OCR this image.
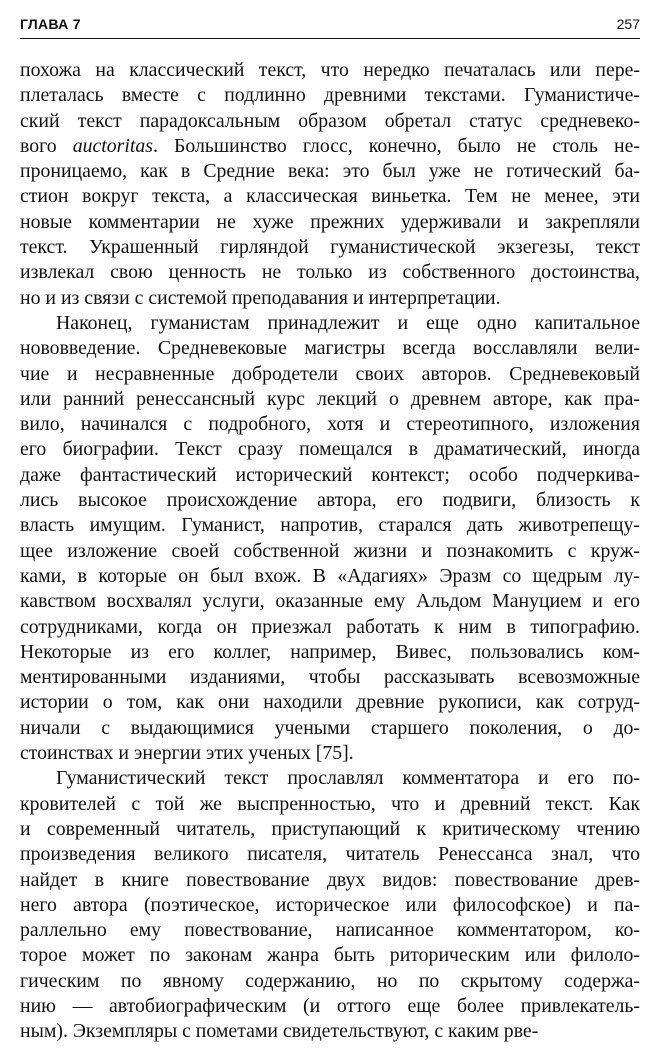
ГЛАВА 7	257
похожа на классический текст, что нередко печаталась или пере-
плеталась вместе с подлинно древними текстами. Гуманистиче-
ский текст парадоксальным образом обретал статус средневеко-
вого auctoritas. Большинство глосс, конечно, было не столь не-
проницаемо, как в Средние века: это был уже не готический ба-
стион вокруг текста, а классическая виньетка. Тем не менее, эти
новые комментарии не хуже прежних удерживали и закрепляли
текст. Украшенный гирляндой гуманистической экзегезы, текст
извлекал свою ценность не только из собственного достоинства,
но и из связи с системой преподавания и интерпретации.
Наконец, гуманистам принадлежит и еще одно капитальное
нововведение. Средневековые магистры всегда восславляли вели-
чие и несравненные добродетели своих авторов. Средневековый
или ранний ренессансный курс лекций о древнем авторе, как пра-
вило, начинался с подробного, хотя и стереотипного, изложения
его биографии. Текст сразу помещался в драматический, иногда
даже фантастический исторический контекст; особо подчеркива-
лись высокое происхождение автора, его подвиги, близость к
власть имущим. Гуманист, напротив, старался дать животрепещу-
щее изложение своей собственной жизни и познакомить с круж-
ками, в которые он был вхож. В «Адагиях» Эразм со щедрым лу-
кавством восхвалял услуги, оказанные ему Альдом Мануцием и его
сотрудниками, когда он приезжал работать к ним в типографию.
Некоторые из его коллег, например, Вивес, пользовались ком-
ментированными изданиями, чтобы рассказывать всевозможные
истории о том, как они находили древние рукописи, как сотруд-
ничали с выдающимися учеными старшего поколения, о до-
стоинствах и энергии этих ученых [75].
Гуманистический текст прославлял комментатора и его по-
кровителей с той же выспренностью, что и древний текст. Как
и современный читатель, приступающий к критическому чтению
произведения великого писателя, читатель Ренессанса знал, что
найдет в книге повествование двух видов: повествование древ-
него автора (поэтическое, историческое или философское) и па-
раллельно ему повествование, написанное комментатором, ко-
торое может по законам жанра быть риторическим или филоло-
гическим по явному содержанию, но по скрытому содержа-
нию — автобиографическим (и оттого еще более привлекатель-
ным). Экземпляры с пометами свидетельствуют, с каким рве-
